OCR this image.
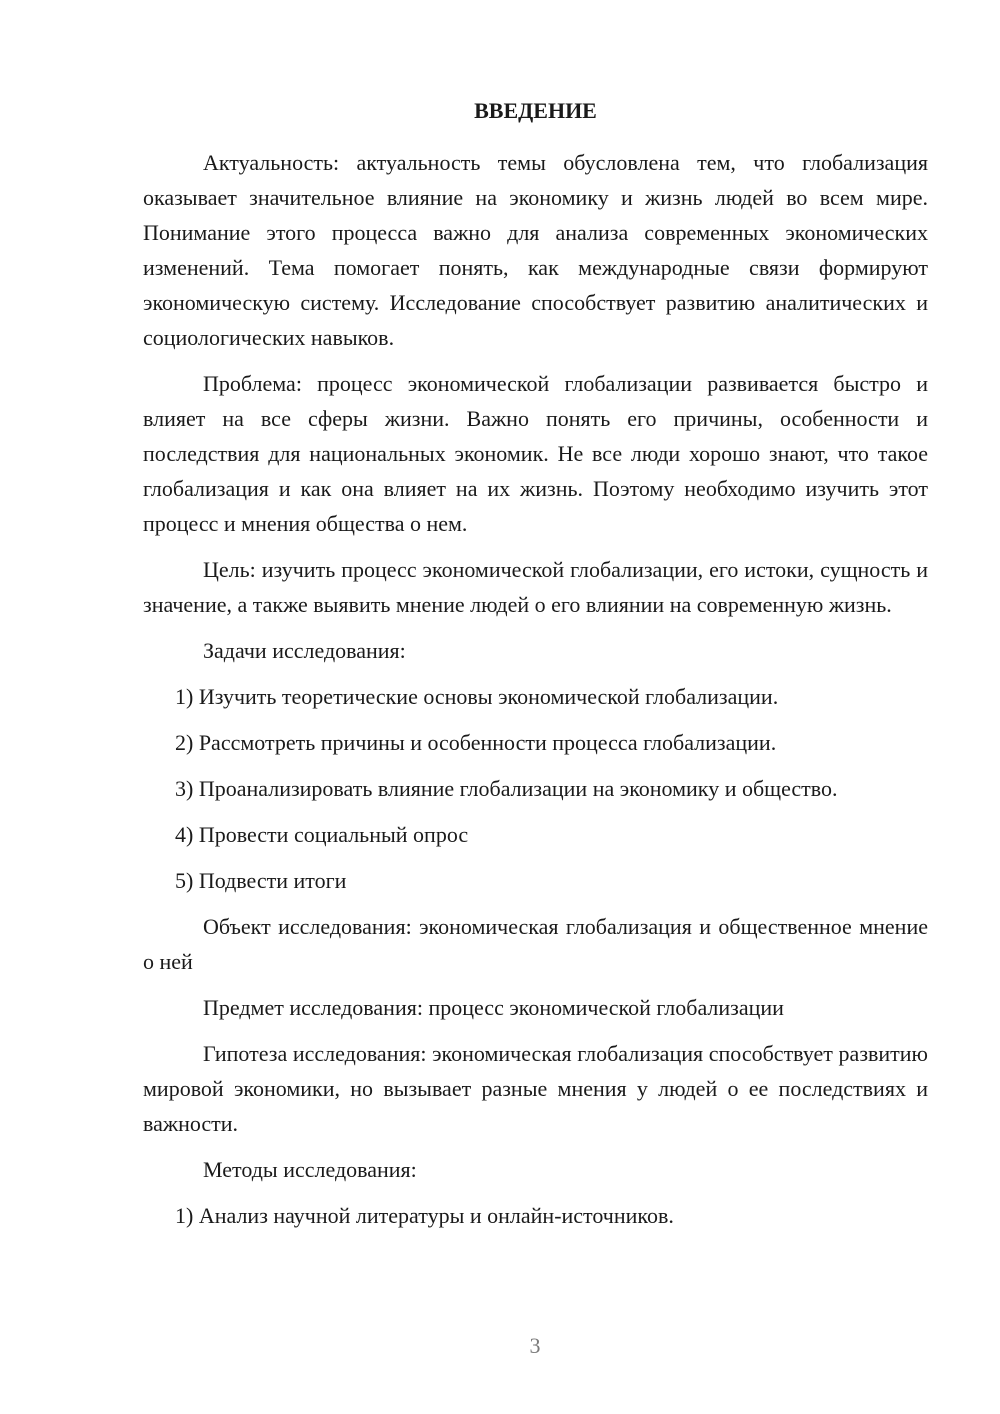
ВВЕДЕНИЕ

Актуальность: актуальность темы обусловлена тем, что глобализация оказывает значительное влияние на экономику и жизнь людей во всем мире. Понимание этого процесса важно для анализа современных экономических изменений. Тема помогает понять, как международные связи формируют экономическую систему. Исследование способствует развитию аналитических и социологических навыков.

Проблема: процесс экономической глобализации развивается быстро и влияет на все сферы жизни. Важно понять его причины, особенности и последствия для национальных экономик. Не все люди хорошо знают, что такое глобализация и как она влияет на их жизнь. Поэтому необходимо изучить этот процесс и мнения общества о нем.

Цель: изучить процесс экономической глобализации, его истоки, сущность и значение, а также выявить мнение людей о его влиянии на современную жизнь.

Задачи исследования:

1) Изучить теоретические основы экономической глобализации.

2) Рассмотреть причины и особенности процесса глобализации.

3) Проанализировать влияние глобализации на экономику и общество.

4) Провести социальный опрос

5) Подвести итоги

Объект исследования: экономическая глобализация и общественное мнение о ней

Предмет исследования: процесс экономической глобализации

Гипотеза исследования: экономическая глобализация способствует развитию мировой экономики, но вызывает разные мнения у людей о ее последствиях и важности.

Методы исследования:

1) Анализ научной литературы и онлайн-источников.

3
